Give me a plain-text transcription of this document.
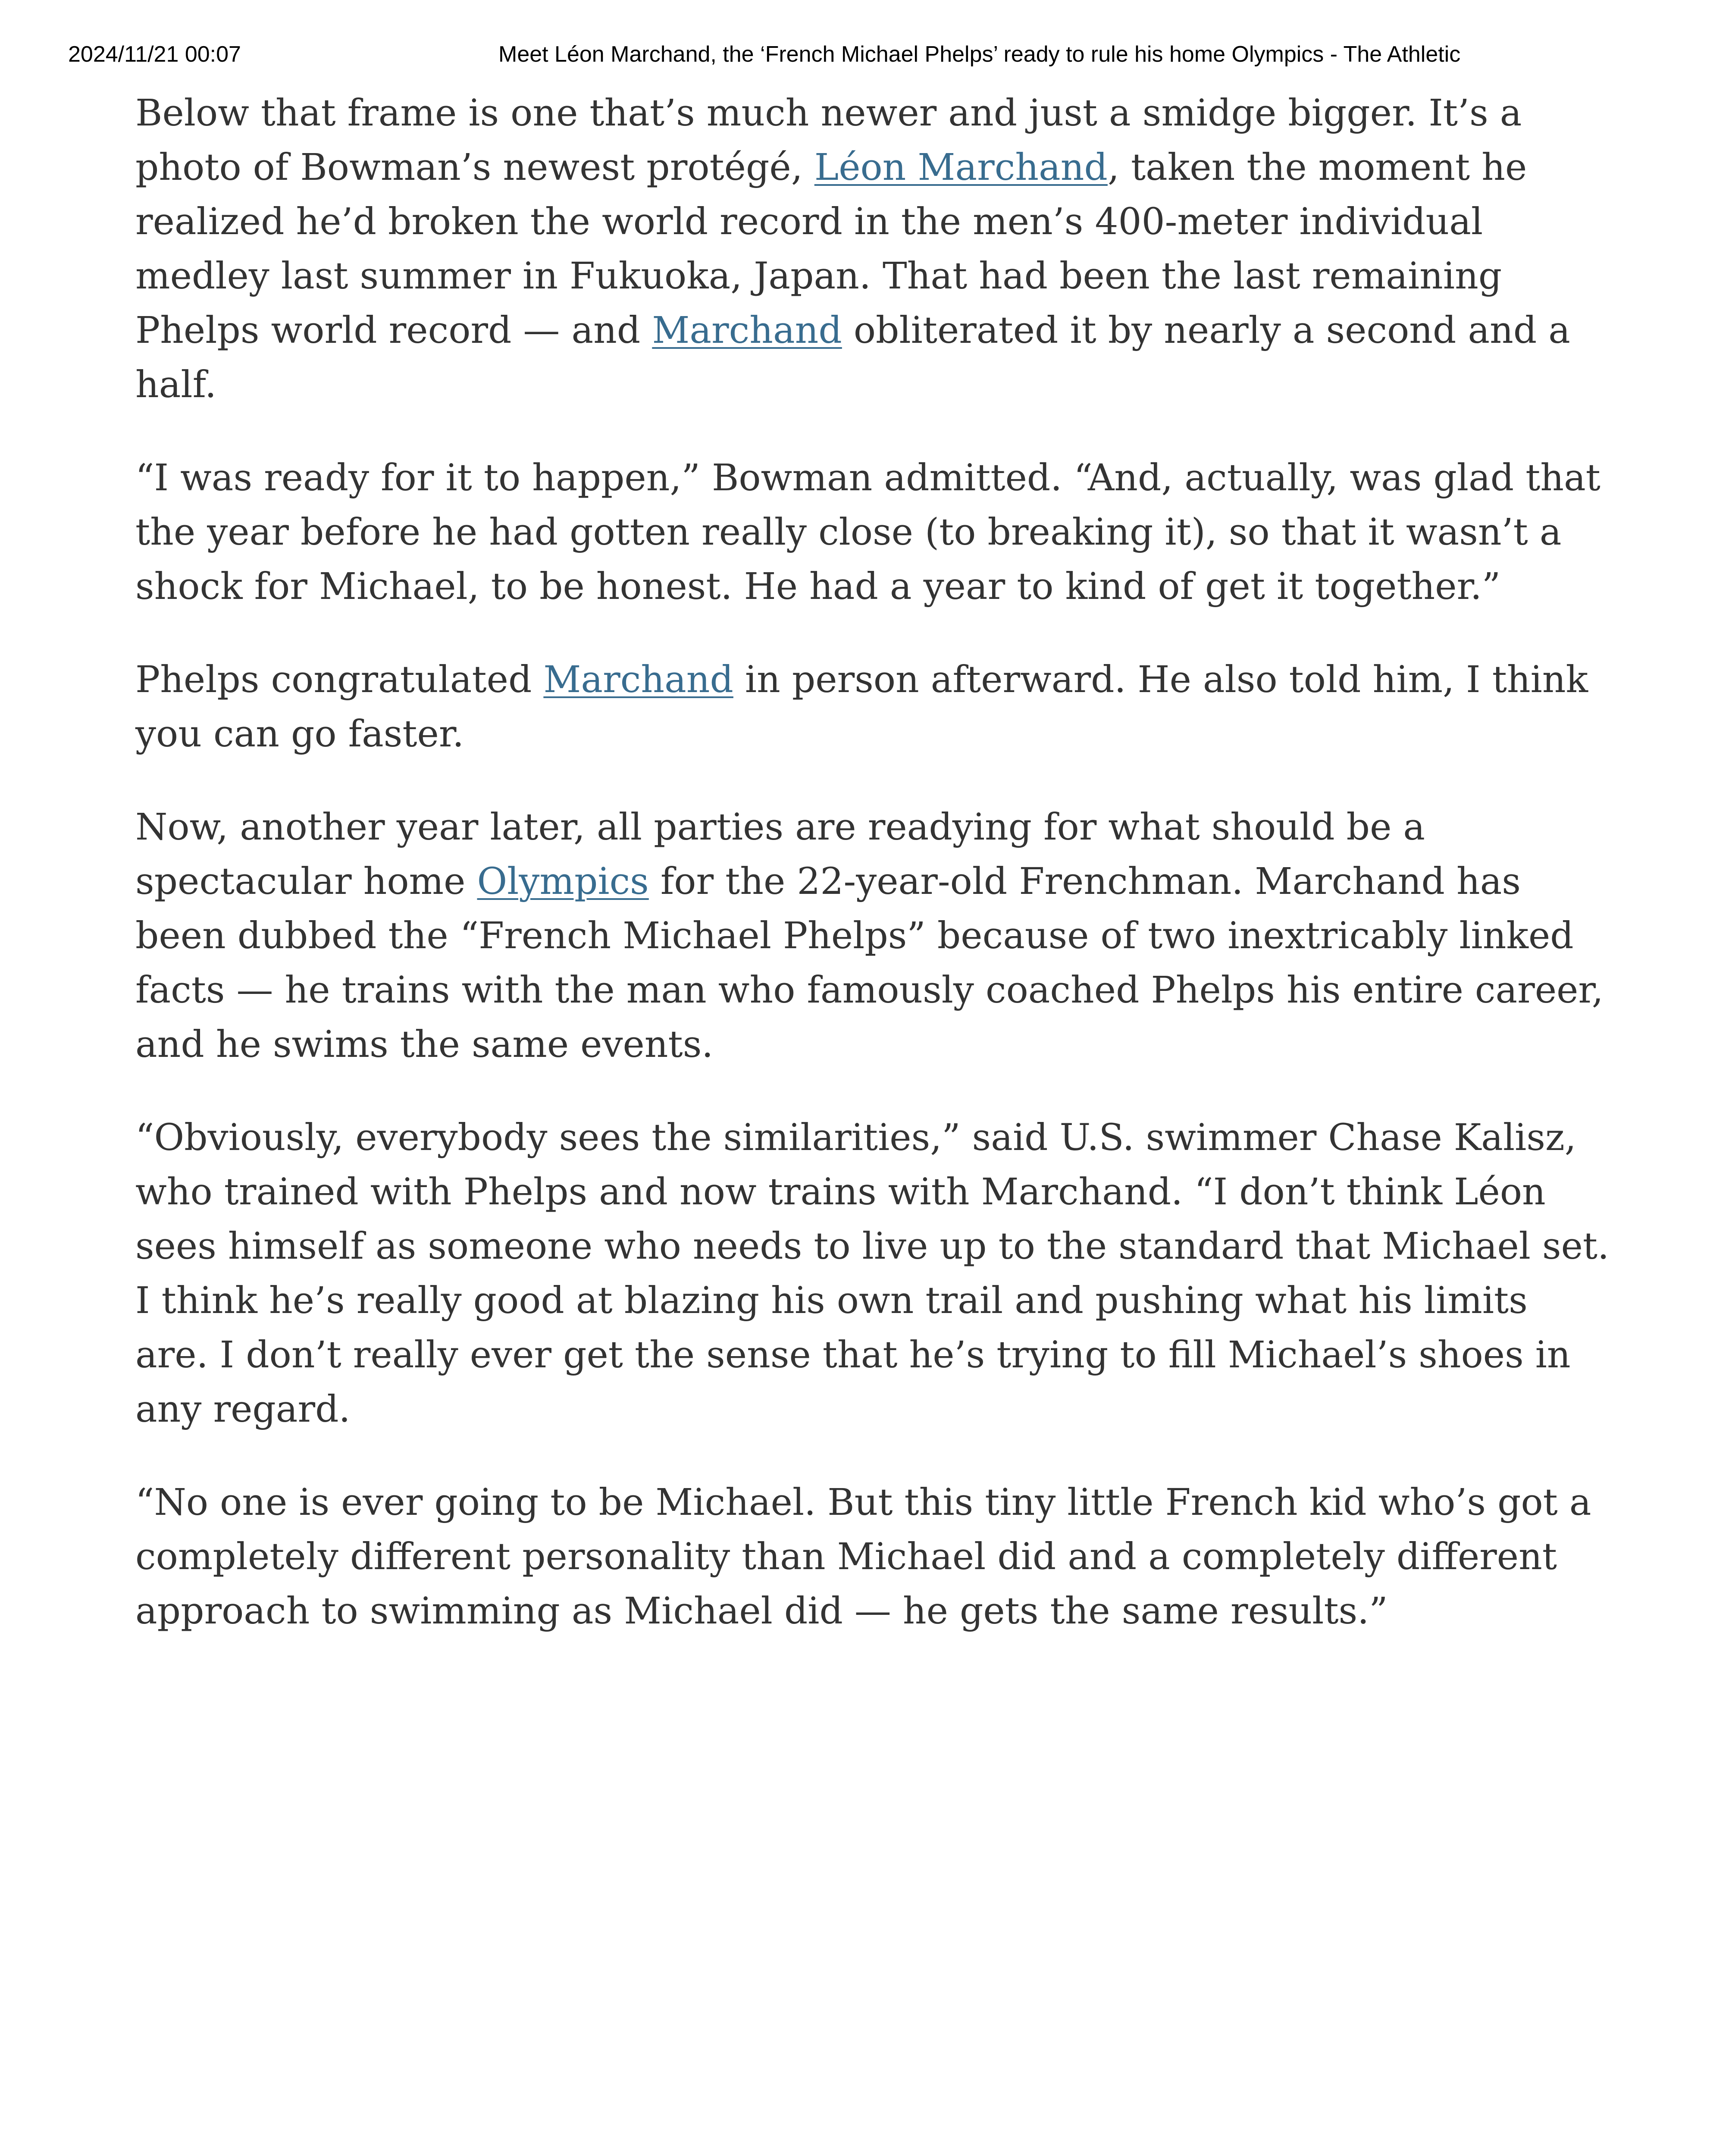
2024/11/21 00:07	Meet Léon Marchand, the ‘French Michael Phelps’ ready to rule his home Olympics - The Athletic

Below that frame is one that’s much newer and just a smidge bigger. It’s a photo of Bowman’s newest protégé, Léon Marchand, taken the moment he realized he’d broken the world record in the men’s 400-meter individual medley last summer in Fukuoka, Japan. That had been the last remaining Phelps world record — and Marchand obliterated it by nearly a second and a half.

“I was ready for it to happen,” Bowman admitted. “And, actually, was glad that the year before he had gotten really close (to breaking it), so that it wasn’t a shock for Michael, to be honest. He had a year to kind of get it together.”

Phelps congratulated Marchand in person afterward. He also told him, I think you can go faster.

Now, another year later, all parties are readying for what should be a spectacular home Olympics for the 22-year-old Frenchman. Marchand has been dubbed the “French Michael Phelps” because of two inextricably linked facts — he trains with the man who famously coached Phelps his entire career, and he swims the same events.

“Obviously, everybody sees the similarities,” said U.S. swimmer Chase Kalisz, who trained with Phelps and now trains with Marchand. “I don’t think Léon sees himself as someone who needs to live up to the standard that Michael set. I think he’s really good at blazing his own trail and pushing what his limits are. I don’t really ever get the sense that he’s trying to fill Michael’s shoes in any regard.

“No one is ever going to be Michael. But this tiny little French kid who’s got a completely different personality than Michael did and a completely different approach to swimming as Michael did — he gets the same results.”
